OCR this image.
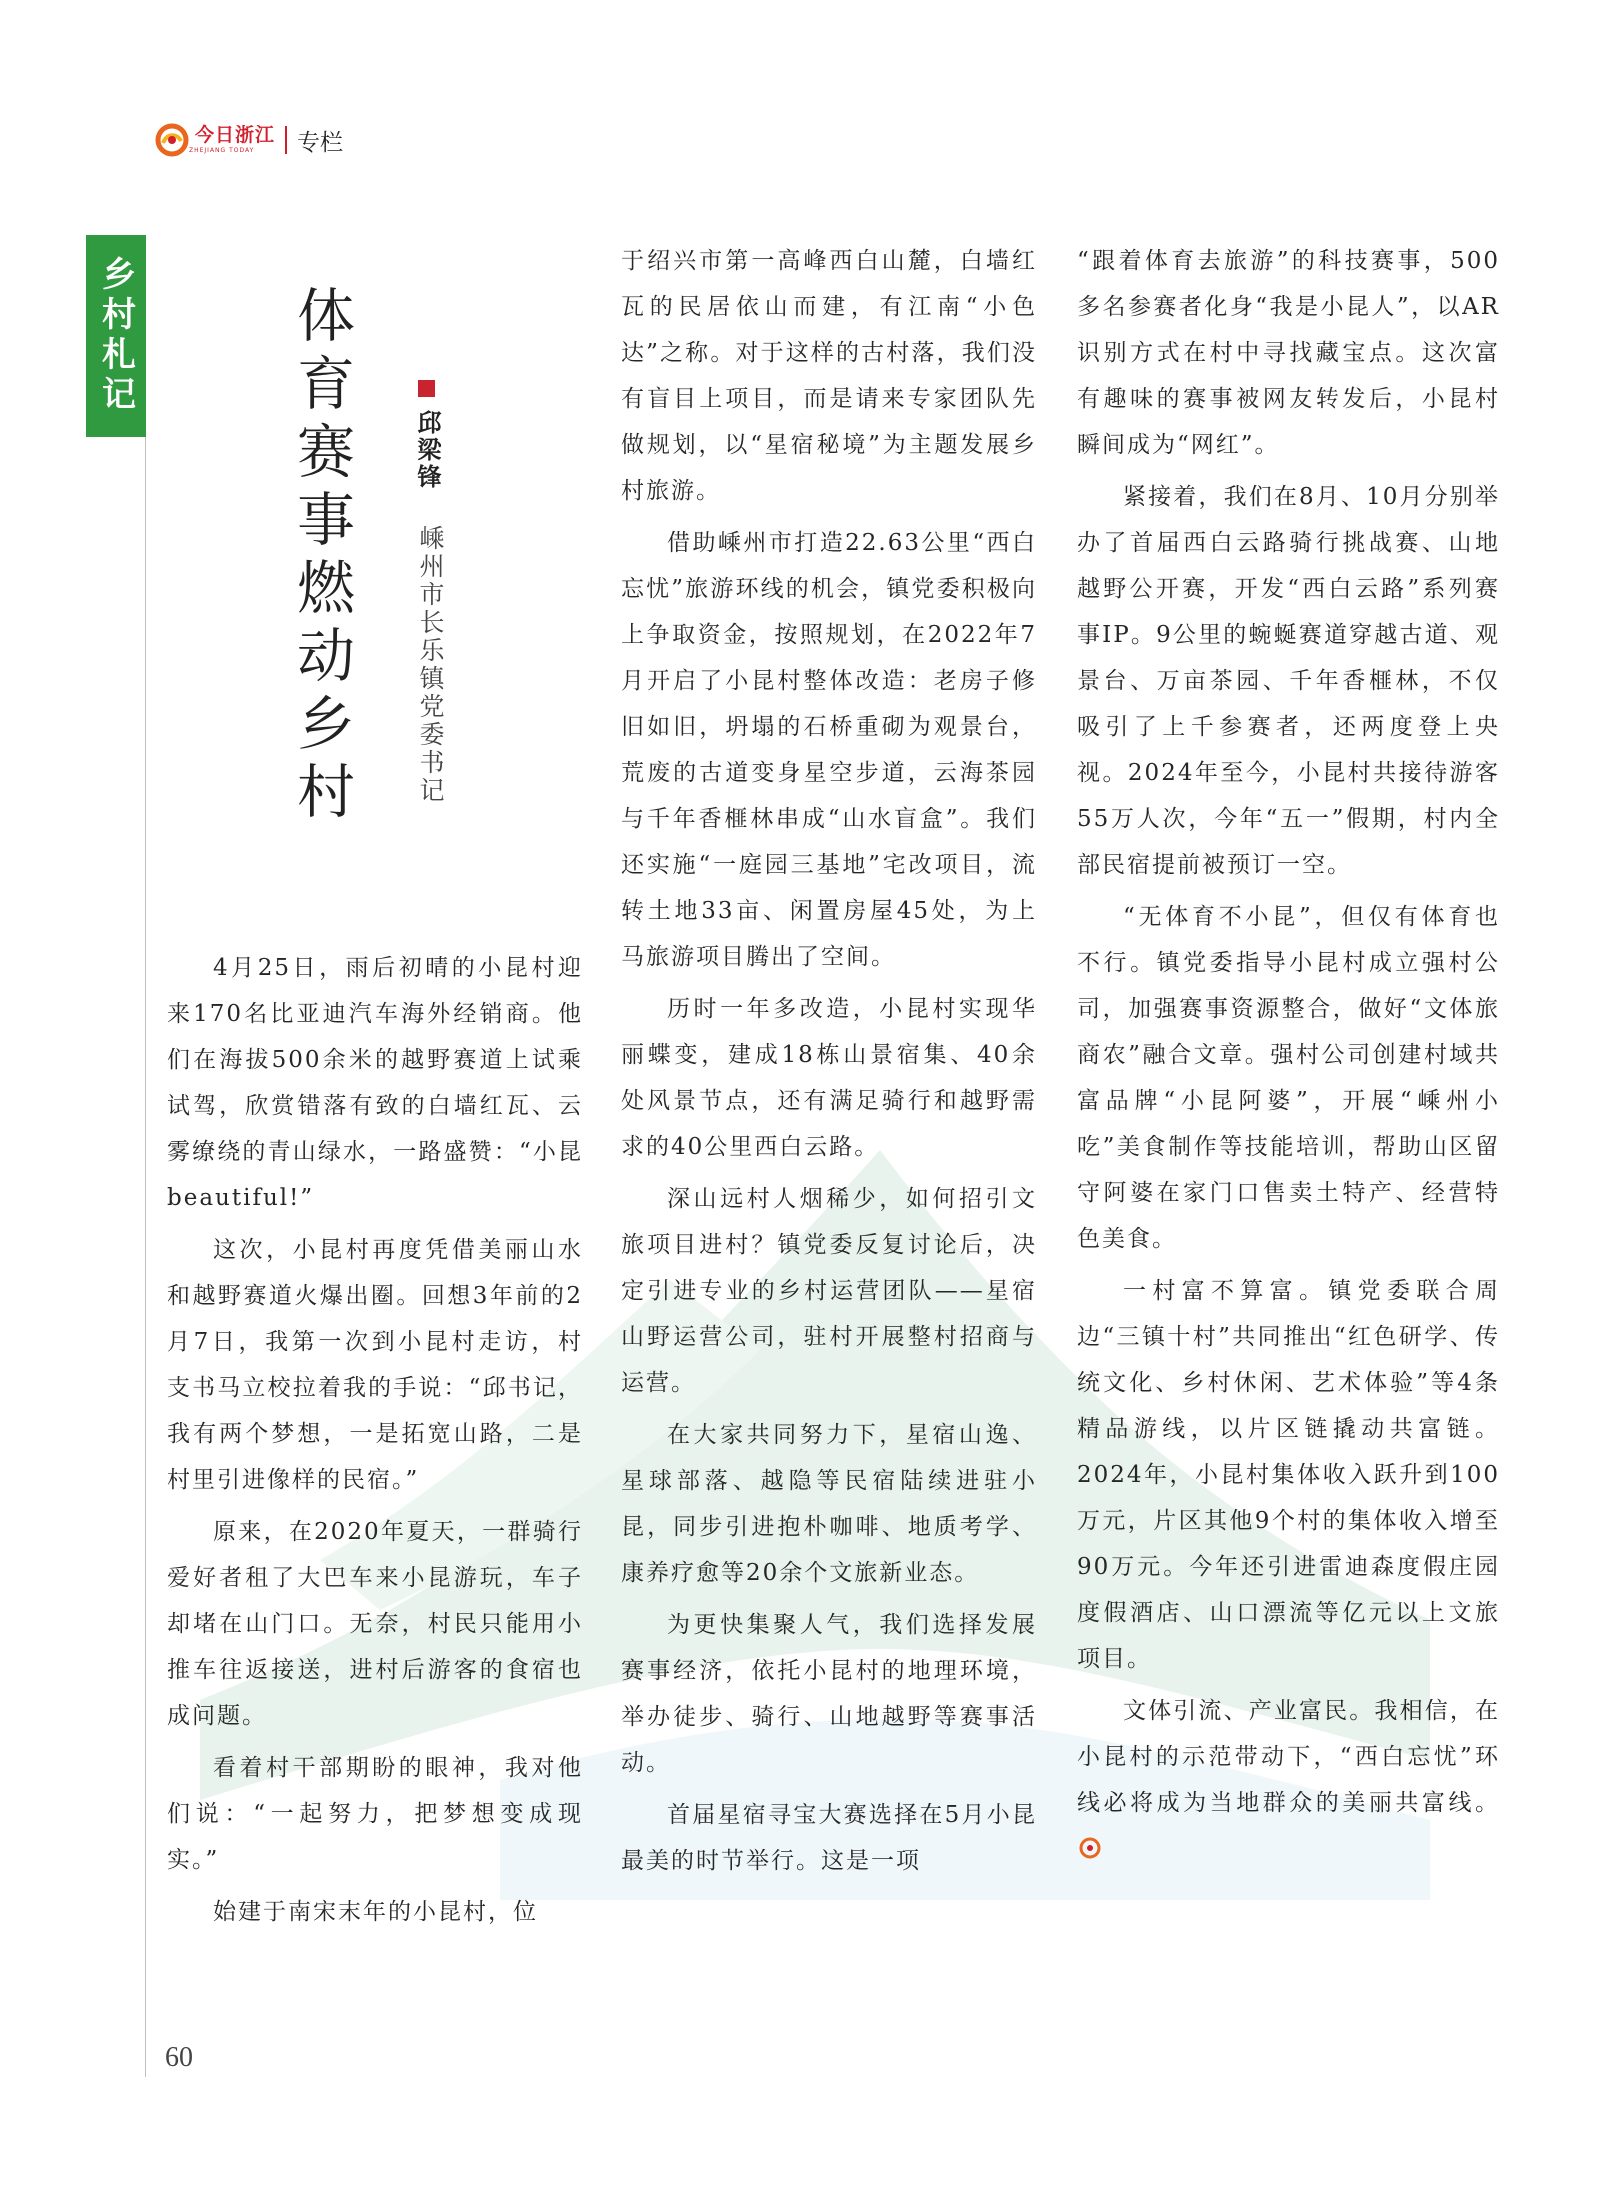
今日浙江
ZHEJIANG TODAY	专栏
乡村札记	体育赛事燃动乡村 邱梁锋
嵊州市长乐镇党委书记

4月25日，雨后初晴的小昆村迎来170名比亚迪汽车海外经销商。他们在海拔500余米的越野赛道上试乘试驾，欣赏错落有致的白墙红瓦、云雾缭绕的青山绿水，一路盛赞：“小昆 beautiful!”

这次，小昆村再度凭借美丽山水和越野赛道火爆出圈。回想3年前的2月7日，我第一次到小昆村走访，村支书马立校拉着我的手说：“邱书记，我有两个梦想，一是拓宽山路，二是村里引进像样的民宿。”

原来，在2020年夏天，一群骑行爱好者租了大巴车来小昆游玩，车子却堵在山门口。无奈，村民只能用小推车往返接送，进村后游客的食宿也成问题。

看着村干部期盼的眼神，我对他们说：“一起努力，把梦想变成现实。”

始建于南宋末年的小昆村，位

于绍兴市第一高峰西白山麓，白墙红瓦的民居依山而建，有江南“小色达”之称。对于这样的古村落，我们没有盲目上项目，而是请来专家团队先做规划，以“星宿秘境”为主题发展乡村旅游。

借助嵊州市打造22.63公里“西白忘忧”旅游环线的机会，镇党委积极向上争取资金，按照规划，在2022年7月开启了小昆村整体改造：老房子修旧如旧，坍塌的石桥重砌为观景台，荒废的古道变身星空步道，云海茶园与千年香榧林串成“山水盲盒”。我们还实施“一庭园三基地”宅改项目，流转土地33亩、闲置房屋45处，为上马旅游项目腾出了空间。

历时一年多改造，小昆村实现华丽蝶变，建成18栋山景宿集、40余处风景节点，还有满足骑行和越野需求的40公里西白云路。

深山远村人烟稀少，如何招引文旅项目进村？镇党委反复讨论后，决定引进专业的乡村运营团队——星宿山野运营公司，驻村开展整村招商与运营。

在大家共同努力下，星宿山逸、星球部落、越隐等民宿陆续进驻小昆，同步引进抱朴咖啡、地质考学、康养疗愈等20余个文旅新业态。

为更快集聚人气，我们选择发展赛事经济，依托小昆村的地理环境，举办徒步、骑行、山地越野等赛事活动。

首届星宿寻宝大赛选择在5月小昆最美的时节举行。这是一项

“跟着体育去旅游”的科技赛事，500多名参赛者化身“我是小昆人”，以AR识别方式在村中寻找藏宝点。这次富有趣味的赛事被网友转发后，小昆村瞬间成为“网红”。

紧接着，我们在8月、10月分别举办了首届西白云路骑行挑战赛、山地越野公开赛，开发“西白云路”系列赛事IP。9公里的蜿蜒赛道穿越古道、观景台、万亩茶园、千年香榧林，不仅吸引了上千参赛者，还两度登上央视。2024年至今，小昆村共接待游客55万人次，今年“五一”假期，村内全部民宿提前被预订一空。

“无体育不小昆”，但仅有体育也不行。镇党委指导小昆村成立强村公司，加强赛事资源整合，做好“文体旅商农”融合文章。强村公司创建村域共富品牌“小昆阿婆”，开展“嵊州小吃”美食制作等技能培训，帮助山区留守阿婆在家门口售卖土特产、经营特色美食。

一村富不算富。镇党委联合周边“三镇十村”共同推出“红色研学、传统文化、乡村休闲、艺术体验”等4条精品游线，以片区链撬动共富链。2024年，小昆村集体收入跃升到100万元，片区其他9个村的集体收入增至90万元。今年还引进雷迪森度假庄园度假酒店、山口漂流等亿元以上文旅项目。

文体引流、产业富民。我相信，在小昆村的示范带动下，“西白忘忧”环线必将成为当地群众的美丽共富线。

60
